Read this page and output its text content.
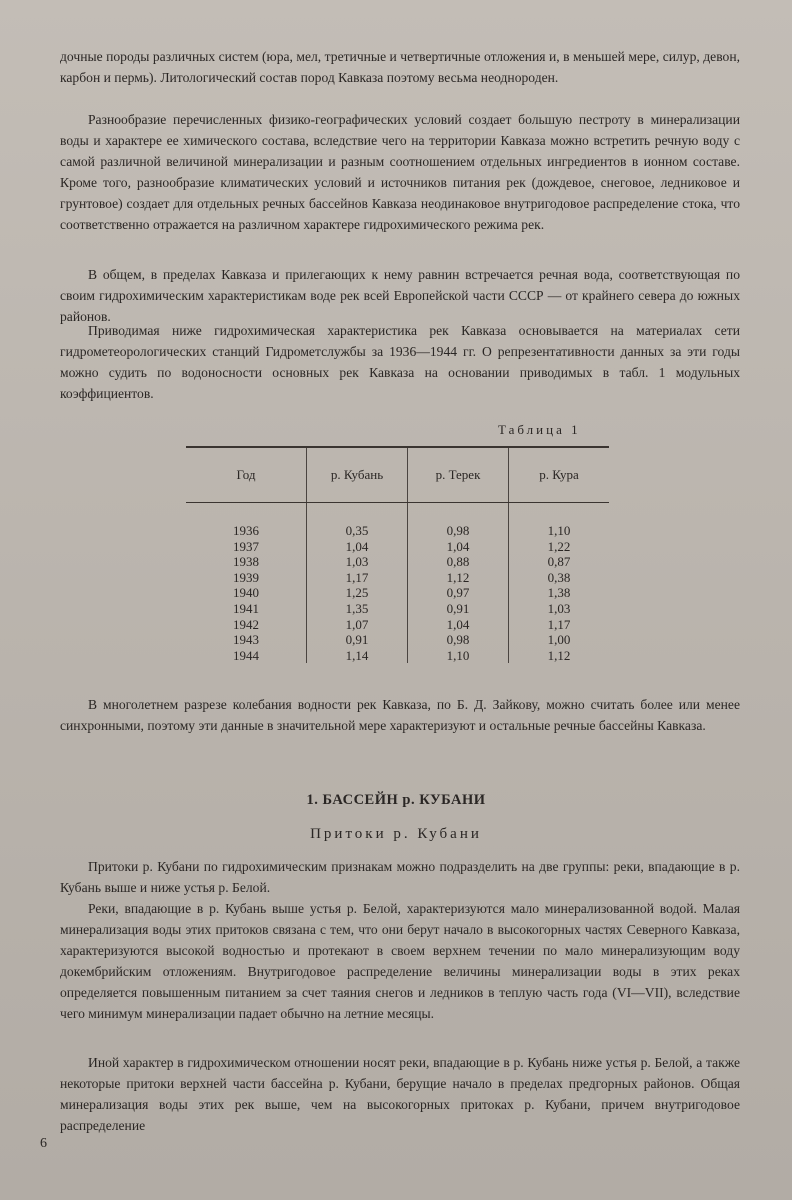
дочные породы различных систем (юра, мел, третичные и четвертичные отложения и, в меньшей мере, силур, девон, карбон и пермь). Литологический состав пород Кавказа поэтому весьма неоднороден.

Разнообразие перечисленных физико-географических условий создает большую пестроту в минерализации воды и характере ее химического состава, вследствие чего на территории Кавказа можно встретить речную воду с самой различной величиной минерализации и разным соотношением отдельных ингредиентов в ионном составе. Кроме того, разнообразие климатических условий и источников питания рек (дождевое, снеговое, ледниковое и грунтовое) создает для отдельных речных бассейнов Кавказа неодинаковое внутригодовое распределение стока, что соответственно отражается на различном характере гидрохимического режима рек.

В общем, в пределах Кавказа и прилегающих к нему равнин встречается речная вода, соответствующая по своим гидрохимическим характеристикам воде рек всей Европейской части СССР — от крайнего севера до южных районов.

Приводимая ниже гидрохимическая характеристика рек Кавказа основывается на материалах сети гидрометеорологических станций Гидрометслужбы за 1936—1944 гг. О репрезентативности данных за эти годы можно судить по водоносности основных рек Кавказа на основании приводимых в табл. 1 модульных коэффициентов.

Таблица 1
Год	р. Кубань	р. Терек	р. Кура
1936	0,35	0,98	1,10
1937	1,04	1,04	1,22
1938	1,03	0,88	0,87
1939	1,17	1,12	0,38
1940	1,25	0,97	1,38
1941	1,35	0,91	1,03
1942	1,07	1,04	1,17
1943	0,91	0,98	1,00
1944	1,14	1,10	1,12

В многолетнем разрезе колебания водности рек Кавказа, по Б. Д. Зайкову, можно считать более или менее синхронными, поэтому эти данные в значительной мере характеризуют и остальные речные бассейны Кавказа.

1. БАССЕЙН р. КУБАНИ
Притоки р. Кубани

Притоки р. Кубани по гидрохимическим признакам можно подразделить на две группы: реки, впадающие в р. Кубань выше и ниже устья р. Белой.

Реки, впадающие в р. Кубань выше устья р. Белой, характеризуются мало минерализованной водой. Малая минерализация воды этих притоков связана с тем, что они берут начало в высокогорных частях Северного Кавказа, характеризуются высокой водностью и протекают в своем верхнем течении по мало минерализующим воду докембрийским отложениям. Внутригодовое распределение величины минерализации воды в этих реках определяется повышенным питанием за счет таяния снегов и ледников в теплую часть года (VI—VII), вследствие чего минимум минерализации падает обычно на летние месяцы.

Иной характер в гидрохимическом отношении носят реки, впадающие в р. Кубань ниже устья р. Белой, а также некоторые притоки верхней части бассейна р. Кубани, берущие начало в пределах предгорных районов. Общая минерализация воды этих рек выше, чем на высокогорных притоках р. Кубани, причем внутригодовое распределение

6
